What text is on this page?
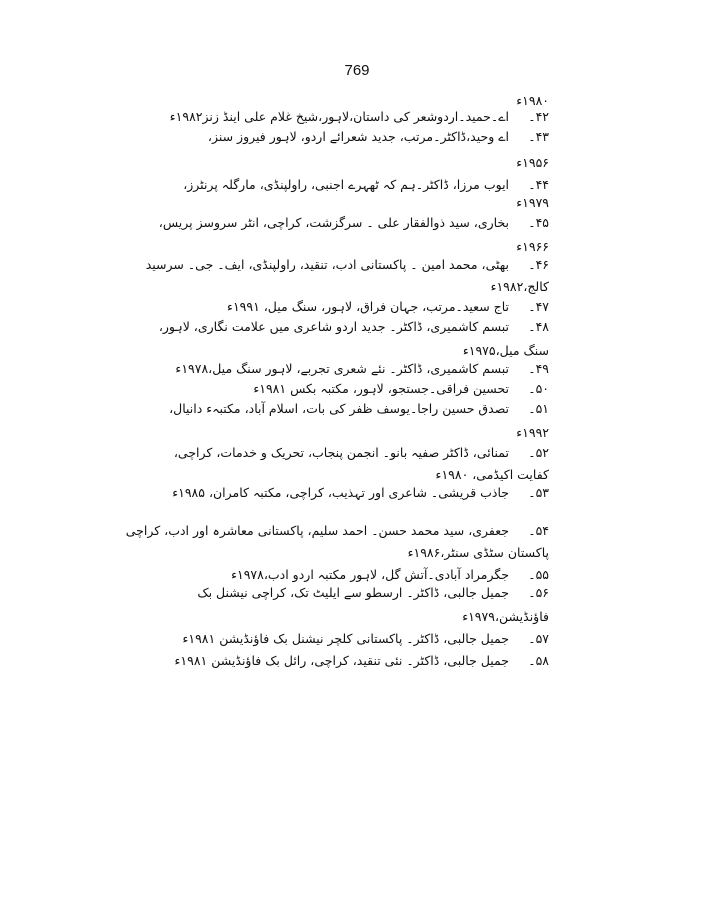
769
۱۹۸۰ء
۴۲۔ اے۔حمید۔اردوشعر کی داستان،لاہور،شیخ غلام علی اینڈ زنز۱۹۸۲ء
۴۳۔ اے وحید،ڈاکٹر۔مرتب، جدید شعرائے اردو، لاہور فیروز سنز،
۱۹۵۶ء
۴۴۔ ایوب مرزا، ڈاکٹر۔ہم کہ ٹھہرے اجنبی، راولپنڈی، مارگلہ پرنٹرز،
۱۹۷۹ء
۴۵۔ بخاری، سید ذوالفقار علی ۔ سرگزشت، کراچی، انٹر سروسز پریس،
۱۹۶۶ء
۴۶۔ بھٹی، محمد امین ۔ پاکستانی ادب، تنقید، راولپنڈی، ایف۔ جی۔ سرسید
کالج،۱۹۸۲ء
۴۷۔ تاج سعید۔مرتب، جہان فراق، لاہور، سنگ میل، ۱۹۹۱ء
۴۸۔ تبسم کاشمیری، ڈاکٹر۔ جدید اردو شاعری میں علامت نگاری، لاہور،
سنگ میل،۱۹۷۵ء
۴۹۔ تبسم کاشمیری، ڈاکٹر۔ نئے شعری تجربے، لاہور سنگ میل،۱۹۷۸ء
۵۰۔ تحسین فراقی۔جستجو، لاہور، مکتبہ بکس ۱۹۸۱ء
۵۱۔ تصدق حسین راجا۔یوسف ظفر کی بات، اسلام آباد، مکتبہء دانیال،
۱۹۹۲ء
۵۲۔ تمنائی، ڈاکٹر صفیہ بانو۔ انجمن پنجاب، تحریک و خدمات، کراچی،
کفایت اکیڈمی، ۱۹۸۰ء
۵۳۔ جاذب قریشی۔ شاعری اور تہذیب، کراچی، مکتبہ کامران، ۱۹۸۵ء
۵۴۔ جعفری، سید محمد حسن۔ احمد سلیم، پاکستانی معاشرہ اور ادب، کراچی
پاکستان سٹڈی سنٹر،۱۹۸۶ء
۵۵۔ جگرمراد آبادی۔آتش گل، لاہور مکتبہ اردو ادب،۱۹۷۸ء
۵۶۔ جمیل جالبی، ڈاکٹر۔ ارسطو سے ایلیٹ تک، کراچی نیشنل بک
فاؤنڈیشن،۱۹۷۹ء
۵۷۔ جمیل جالبی، ڈاکٹر۔ پاکستانی کلچر نیشنل بک فاؤنڈیشن ۱۹۸۱ء
۵۸۔ جمیل جالبی، ڈاکٹر۔ نئی تنقید، کراچی، رائل بک فاؤنڈیشن ۱۹۸۱ء
